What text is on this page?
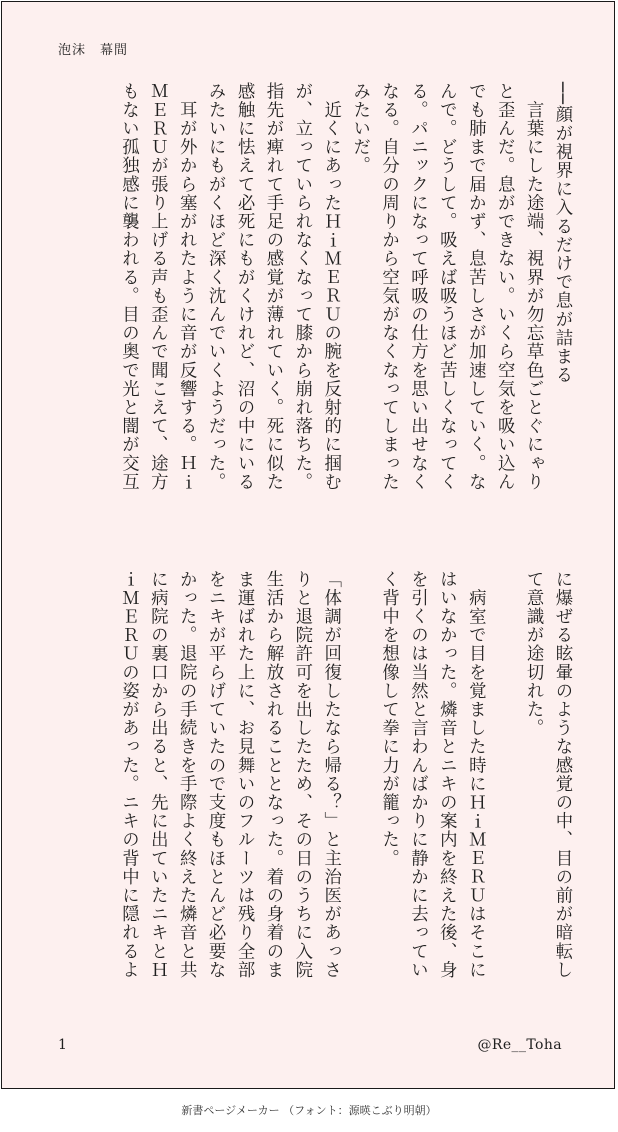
泡沫 幕間

──顔が視界に入るだけで息が詰まる

　言葉にした途端、視界が勿忘草色ごとぐにゃり

と歪んだ。息ができない。いくら空気を吸い込ん

でも肺まで届かず、息苦しさが加速していく。な

んで。どうして。吸えば吸うほど苦しくなってく

る。パニックになって呼吸の仕方を思い出せなく

なる。自分の周りから空気がなくなってしまった

みたいだ。

　近くにあったＨｉＭＥＲＵの腕を反射的に掴む

が、立っていられなくなって膝から崩れ落ちた。

指先が痺れて手足の感覚が薄れていく。死に似た

感触に怯えて必死にもがくけれど、沼の中にいる

みたいにもがくほど深く沈んでいくようだった。

　耳が外から塞がれたように音が反響する。Ｈｉ

ＭＥＲＵが張り上げる声も歪んで聞こえて、途方

もない孤独感に襲われる。目の奥で光と闇が交互

に爆ぜる眩暈のような感覚の中、目の前が暗転し

て意識が途切れた。

　病室で目を覚ました時にＨｉＭＥＲＵはそこに

はいなかった。燐音とニキの案内を終えた後、身

を引くのは当然と言わんばかりに静かに去ってい

く背中を想像して拳に力が籠った。

「体調が回復したなら帰る？」と主治医があっさ

りと退院許可を出したため、その日のうちに入院

生活から解放されることとなった。着の身着のま

ま運ばれた上に、お見舞いのフルーツは残り全部

をニキが平らげていたので支度もほとんど必要な

かった。退院の手続きを手際よく終えた燐音と共

に病院の裏口から出ると、先に出ていたニキとＨ

ｉＭＥＲＵの姿があった。ニキの背中に隠れるよ

1	@Re__Toha
新書ページメーカー （フォント：源暎こぶり明朝）
